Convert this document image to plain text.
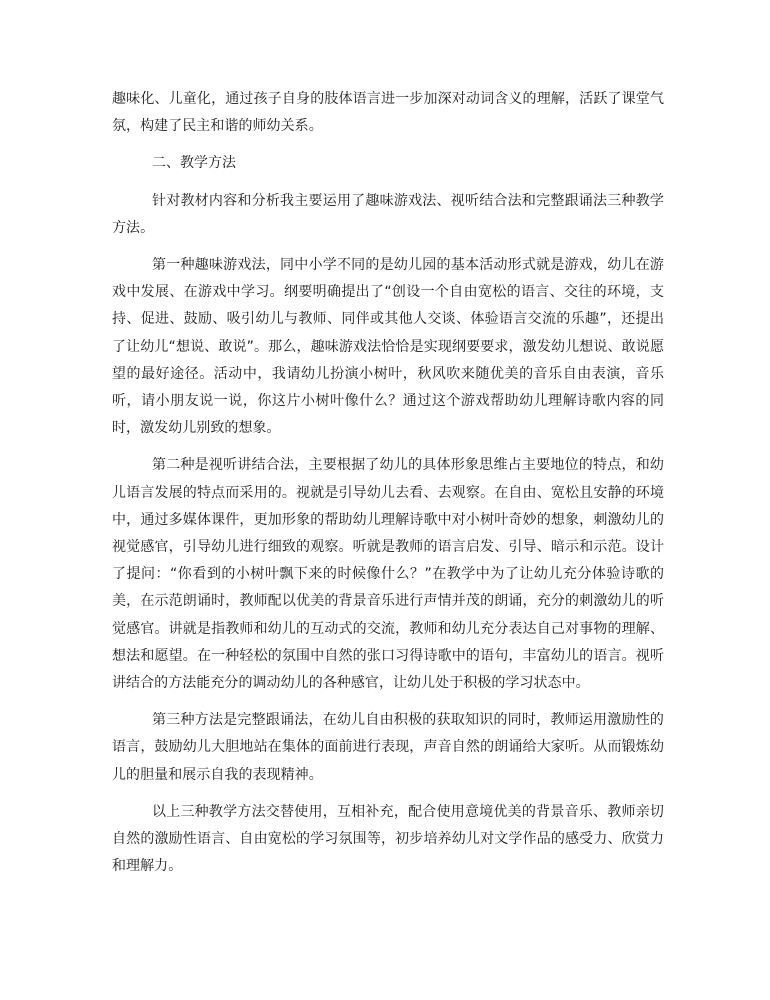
趣味化、儿童化，通过孩子自身的肢体语言进一步加深对动词含义的理解，活跃了课堂气氛，构建了民主和谐的师幼关系。

二、教学方法

针对教材内容和分析我主要运用了趣味游戏法、视听结合法和完整跟诵法三种教学方法。

第一种趣味游戏法，同中小学不同的是幼儿园的基本活动形式就是游戏，幼儿在游戏中发展、在游戏中学习。纲要明确提出了“创设一个自由宽松的语言、交往的环境，支持、促进、鼓励、吸引幼儿与教师、同伴或其他人交谈、体验语言交流的乐趣”，还提出了让幼儿“想说、敢说”。那么，趣味游戏法恰恰是实现纲要要求，激发幼儿想说、敢说愿望的最好途径。活动中，我请幼儿扮演小树叶，秋风吹来随优美的音乐自由表演，音乐听，请小朋友说一说，你这片小树叶像什么？通过这个游戏帮助幼儿理解诗歌内容的同时，激发幼儿别致的想象。

第二种是视听讲结合法，主要根据了幼儿的具体形象思维占主要地位的特点，和幼儿语言发展的特点而采用的。视就是引导幼儿去看、去观察。在自由、宽松且安静的环境中，通过多媒体课件，更加形象的帮助幼儿理解诗歌中对小树叶奇妙的想象，刺激幼儿的视觉感官，引导幼儿进行细致的观察。听就是教师的语言启发、引导、暗示和示范。设计了提问：“你看到的小树叶飘下来的时候像什么？”在教学中为了让幼儿充分体验诗歌的美，在示范朗诵时，教师配以优美的背景音乐进行声情并茂的朗诵，充分的刺激幼儿的听觉感官。讲就是指教师和幼儿的互动式的交流，教师和幼儿充分表达自己对事物的理解、想法和愿望。在一种轻松的氛围中自然的张口习得诗歌中的语句，丰富幼儿的语言。视听讲结合的方法能充分的调动幼儿的各种感官，让幼儿处于积极的学习状态中。

第三种方法是完整跟诵法，在幼儿自由积极的获取知识的同时，教师运用激励性的语言，鼓励幼儿大胆地站在集体的面前进行表现，声音自然的朗诵给大家听。从而锻炼幼儿的胆量和展示自我的表现精神。

以上三种教学方法交替使用，互相补充，配合使用意境优美的背景音乐、教师亲切自然的激励性语言、自由宽松的学习氛围等，初步培养幼儿对文学作品的感受力、欣赏力和理解力。
